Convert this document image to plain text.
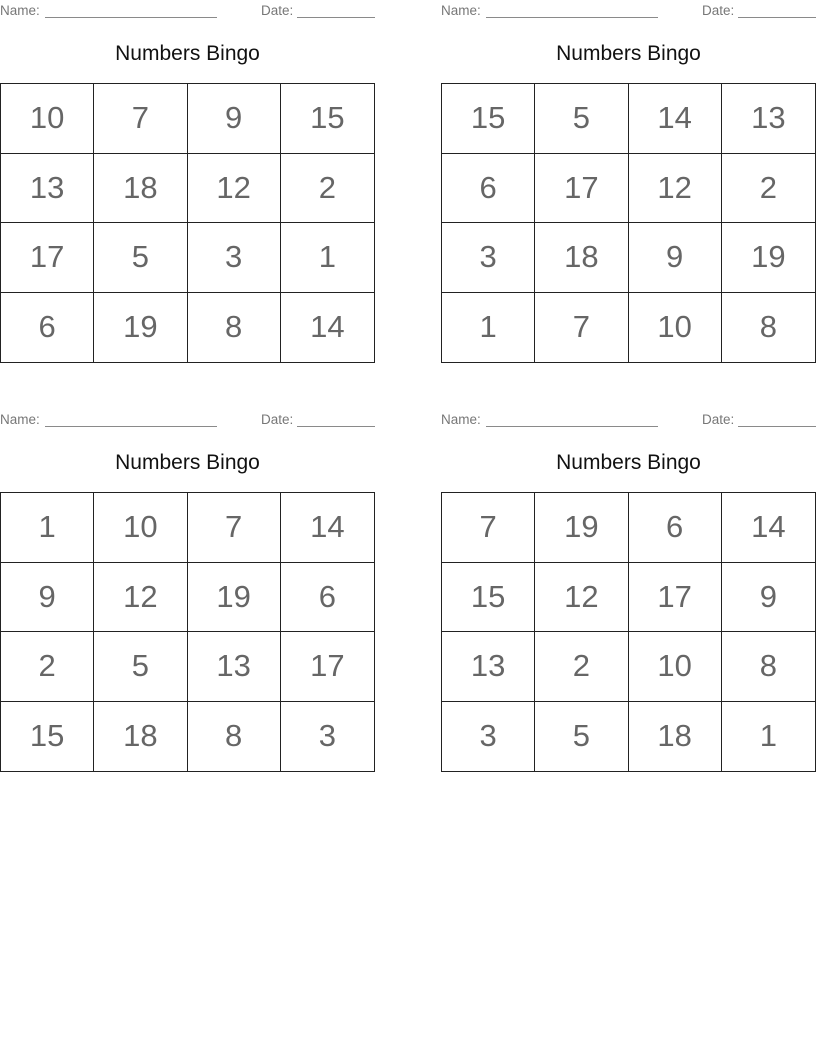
Name:	Date:
Numbers Bingo
10	7	9	15
13	18	12	2
17	5	3	1
6	19	8	14
Name:	Date:
Numbers Bingo
15	5	14	13
6	17	12	2
3	18	9	19
1	7	10	8
Name:	Date:
Numbers Bingo
1	10	7	14
9	12	19	6
2	5	13	17
15	18	8	3
Name:	Date:
Numbers Bingo
7	19	6	14
15	12	17	9
13	2	10	8
3	5	18	1
